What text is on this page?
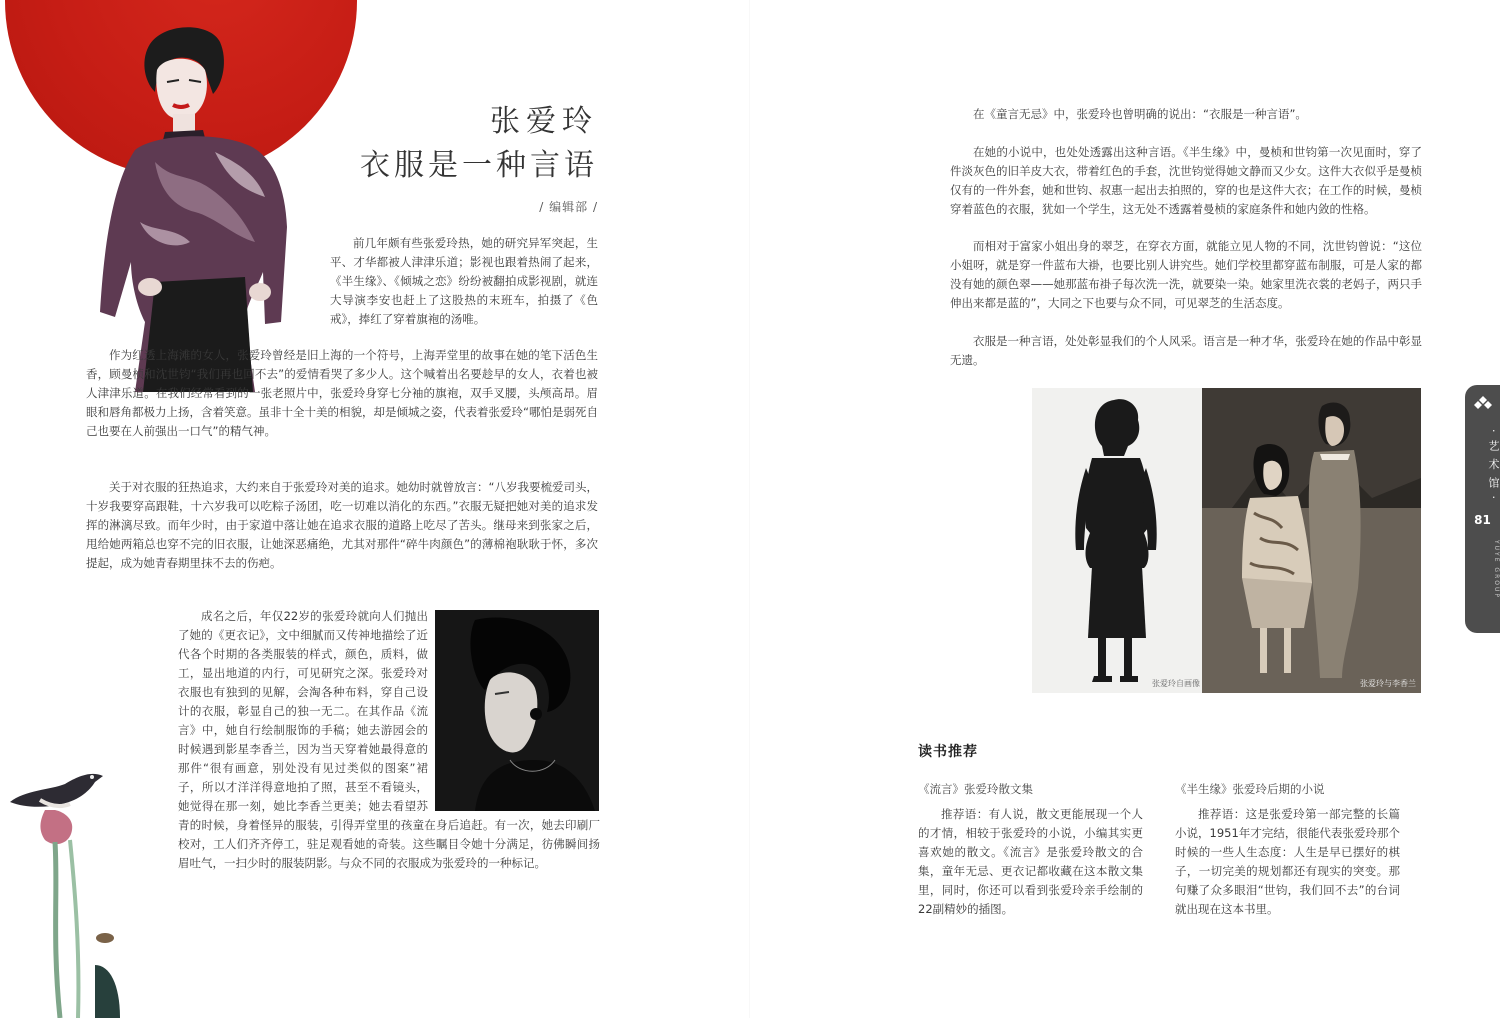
张爱玲
衣服是一种言语
/ 编辑部 /

前几年颇有些张爱玲热，她的研究异军突起，生平、才华都被人津津乐道；影视也跟着热闹了起来，《半生缘》、《倾城之恋》纷纷被翻拍成影视剧，就连大导演李安也赶上了这股热的末班车，拍摄了《色戒》，捧红了穿着旗袍的汤唯。

作为红透上海滩的女人，张爱玲曾经是旧上海的一个符号，上海弄堂里的故事在她的笔下活色生香，顾曼桢和沈世钧“我们再也回不去”的爱情看哭了多少人。这个喊着出名要趁早的女人，衣着也被人津津乐道。在我们经常看到的一张老照片中，张爱玲身穿七分袖的旗袍，双手叉腰，头颅高昂。眉眼和唇角都极力上扬，含着笑意。虽非十全十美的相貌，却是倾城之姿，代表着张爱玲“哪怕是弱死自己也要在人前强出一口气”的精气神。

关于对衣服的狂热追求，大约来自于张爱玲对美的追求。她幼时就曾放言：“八岁我要梳爱司头，十岁我要穿高跟鞋，十六岁我可以吃粽子汤团，吃一切难以消化的东西。”衣服无疑把她对美的追求发挥的淋漓尽致。而年少时，由于家道中落让她在追求衣服的道路上吃尽了苦头。继母来到张家之后，甩给她两箱总也穿不完的旧衣服，让她深恶痛绝，尤其对那件“碎牛肉颜色”的薄棉袍耿耿于怀，多次提起，成为她青春期里抹不去的伤疤。

成名之后，年仅22岁的张爱玲就向人们抛出了她的《更衣记》，文中细腻而又传神地描绘了近代各个时期的各类服装的样式，颜色，质料，做工，显出地道的内行，可见研究之深。张爱玲对衣服也有独到的见解，会淘各种布料，穿自己设计的衣服，彰显自己的独一无二。在其作品《流言》中，她自行绘制服饰的手稿；她去游园会的时候遇到影星李香兰，因为当天穿着她最得意的那件“很有画意，别处没有见过类似的图案”裙子，所以才洋洋得意地拍了照，甚至不看镜头，她觉得在那一刻，她比李香兰更美；她去看望苏青的时候，身着怪异的服装，引得弄堂里的孩童在身后追赶。有一次，她去印刷厂校对，工人们齐齐停工，驻足观看她的奇装。这些瞩目令她十分满足，彷佛瞬间扬眉吐气，一扫少时的服装阴影。与众不同的衣服成为张爱玲的一种标记。

在《童言无忌》中，张爱玲也曾明确的说出：“衣服是一种言语”。

在她的小说中，也处处透露出这种言语。《半生缘》中，曼桢和世钧第一次见面时，穿了件淡灰色的旧羊皮大衣，带着红色的手套，沈世钧觉得她文静而又少女。这件大衣似乎是曼桢仅有的一件外套，她和世钧、叔惠一起出去拍照的，穿的也是这件大衣；在工作的时候，曼桢穿着蓝色的衣服，犹如一个学生，这无处不透露着曼桢的家庭条件和她内敛的性格。

而相对于富家小姐出身的翠芝，在穿衣方面，就能立见人物的不同，沈世钧曾说：“这位小姐呀，就是穿一件蓝布大褂，也要比别人讲究些。她们学校里都穿蓝布制服，可是人家的都没有她的颜色翠——她那蓝布褂子每次洗一洗，就要染一染。她家里洗衣裳的老妈子，两只手伸出来都是蓝的”，大同之下也要与众不同，可见翠芝的生活态度。

衣服是一种言语，处处彰显我们的个人风采。语言是一种才华，张爱玲在她的作品中彰显无遗。

张爱玲自画像	张爱玲与李香兰
读书推荐
《流言》张爱玲散文集
推荐语：有人说，散文更能展现一个人的才情，相较于张爱玲的小说，小编其实更喜欢她的散文。《流言》是张爱玲散文的合集，童年无忌、更衣记都收藏在这本散文集里，同时，你还可以看到张爱玲亲手绘制的22副精妙的插图。
《半生缘》张爱玲后期的小说
推荐语：这是张爱玲第一部完整的长篇小说，1951年才完结，很能代表张爱玲那个时候的一些人生态度：人生是早已摆好的棋子，一切完美的规划都还有现实的突变。那句赚了众多眼泪“世钧，我们回不去”的台词就出现在这本书里。
· 艺 术 馆 ·
81
YUYE GROUP
